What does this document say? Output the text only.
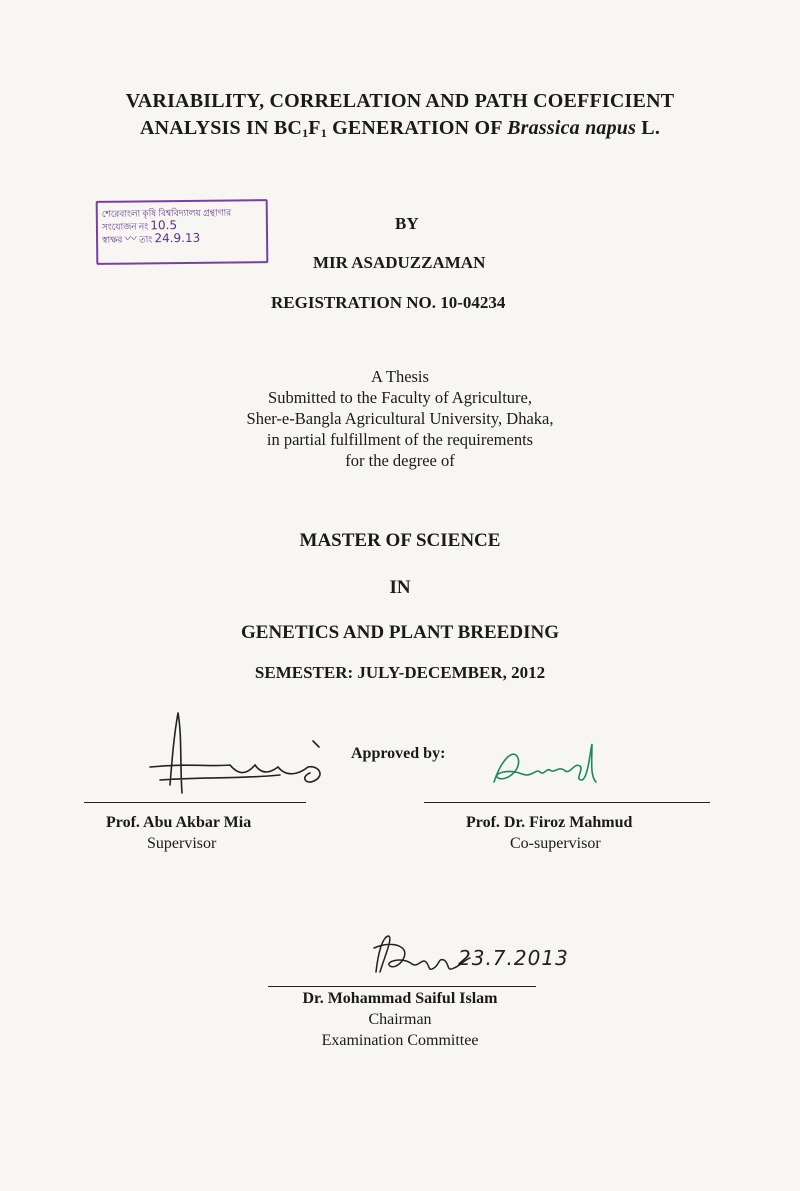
VARIABILITY, CORRELATION AND PATH COEFFICIENT
ANALYSIS IN $BC_1F_1$ GENERATION OF Brassica napus L.
শেরেবাংলা কৃষি বিশ্ববিদ্যালয় গ্রন্থাগার
সংযোজন নং 10.5
স্বাক্ষর 〰 তাং 24.9.13
BY
MIR ASADUZZAMAN
REGISTRATION NO. 10-04234
A Thesis
Submitted to the Faculty of Agriculture,
Sher-e-Bangla Agricultural University, Dhaka,
in partial fulfillment of the requirements
for the degree of
MASTER OF SCIENCE
IN
GENETICS AND PLANT BREEDING
SEMESTER: JULY-DECEMBER, 2012
Approved by:
Prof. Abu Akbar Mia
Supervisor
Prof. Dr. Firoz Mahmud
Co-supervisor
23.7.2013
Dr. Mohammad Saiful Islam
Chairman
Examination Committee
